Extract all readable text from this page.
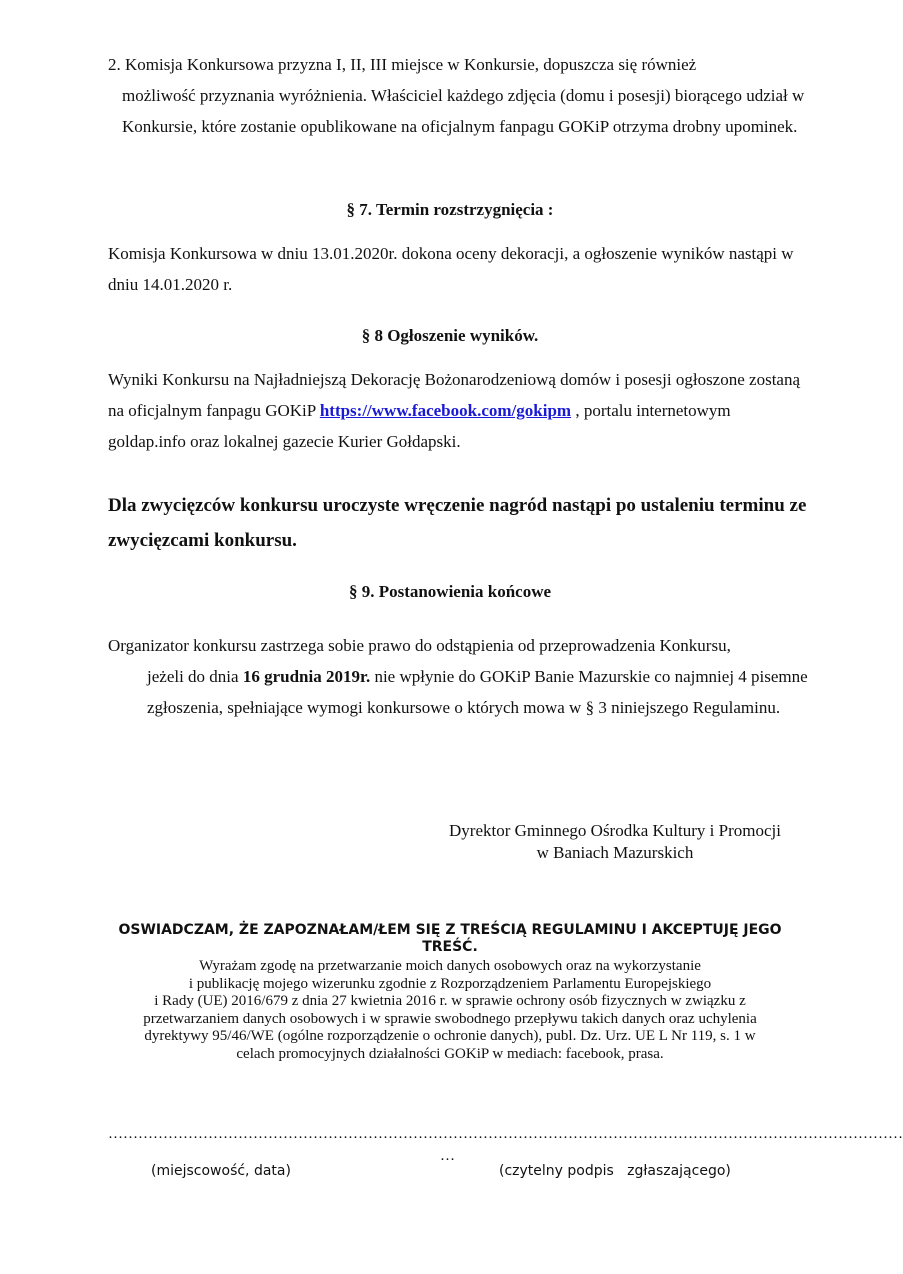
2. Komisja Konkursowa przyzna I, II, III miejsce w Konkursie, dopuszcza się również
możliwość przyznania wyróżnienia. Właściciel każdego zdjęcia (domu i posesji) biorącego udział w Konkursie, które zostanie opublikowane na oficjalnym fanpagu GOKiP otrzyma drobny upominek.
§ 7. Termin rozstrzygnięcia :
Komisja Konkursowa w dniu 13.01.2020r. dokona oceny dekoracji, a ogłoszenie wyników nastąpi w dniu 14.01.2020 r.
§ 8 Ogłoszenie wyników.
Wyniki Konkursu na Najładniejszą Dekorację Bożonarodzeniową domów i posesji ogłoszone zostaną na oficjalnym fanpagu GOKiP https://www.facebook.com/gokipm , portalu internetowym goldap.info oraz lokalnej gazecie Kurier Gołdapski.
Dla zwycięzców konkursu uroczyste wręczenie nagród nastąpi po ustaleniu terminu ze zwycięzcami konkursu.
§ 9. Postanowienia końcowe
Organizator konkursu zastrzega sobie prawo do odstąpienia od przeprowadzenia Konkursu,
jeżeli do dnia 16 grudnia 2019r. nie wpłynie do GOKiP Banie Mazurskie co najmniej 4 pisemne zgłoszenia, spełniające wymogi konkursowe o których mowa w § 3 niniejszego Regulaminu.
Dyrektor Gminnego Ośrodka Kultury i Promocji
w Baniach Mazurskich
OSWIADCZAM, ŻE ZAPOZNAŁAM/ŁEM SIĘ Z TREŚCIĄ REGULAMINU I AKCEPTUJĘ JEGO TREŚĆ.
Wyrażam zgodę na przetwarzanie moich danych osobowych oraz na wykorzystanie
i publikację mojego wizerunku zgodnie z Rozporządzeniem Parlamentu Europejskiego
i Rady (UE) 2016/679 z dnia 27 kwietnia 2016 r. w sprawie ochrony osób fizycznych w związku z
przetwarzaniem danych osobowych i w sprawie swobodnego przepływu takich danych oraz uchylenia
dyrektywy 95/46/WE (ogólne rozporządzenie o ochronie danych), publ. Dz. Urz. UE L Nr 119, s. 1 w
celach promocyjnych działalności GOKiP w mediach: facebook, prasa.
……………………………………………………………………………………………………………………………………………
…
(miejscowość, data)	(czytelny podpis   zgłaszającego)
